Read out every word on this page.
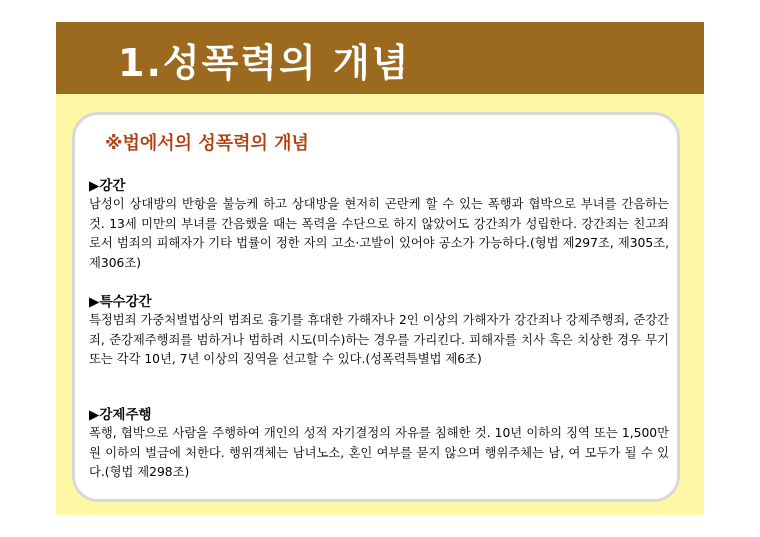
1.성폭력의 개념
※법에서의 성폭력의 개념
▶강간

남성이 상대방의 반항을 불능케 하고 상대방을 현저히 곤란케 할 수 있는 폭행과 협박으로 부녀를 간음하는 것. 13세 미만의 부녀를 간음했을 때는 폭력을 수단으로 하지 않았어도 강간죄가 성립한다. 강간죄는 친고죄로서 범죄의 피해자가 기타 법률이 정한 자의 고소·고발이 있어야 공소가 가능하다.(형법 제297조, 제305조, 제306조)

▶특수강간

특정범죄 가중처벌법상의 범죄로 흉기를 휴대한 가해자나 2인 이상의 가해자가 강간죄나 강제주행죄, 준강간죄, 준강제주행죄를 범하거나 범하려 시도(미수)하는 경우를 가리킨다. 피해자를 치사 혹은 치상한 경우 무기 또는 각각 10년, 7년 이상의 징역을 선고할 수 있다.(성폭력특별법 제6조)

▶강제주행

폭행, 협박으로 사람을 주행하여 개인의 성적 자기결정의 자유를 침해한 것. 10년 이하의 징역 또는 1,500만원 이하의 벌금에 처한다. 행위객체는 남녀노소, 혼인 여부를 묻지 않으며 행위주체는 남, 여 모두가 될 수 있다.(형법 제298조)
